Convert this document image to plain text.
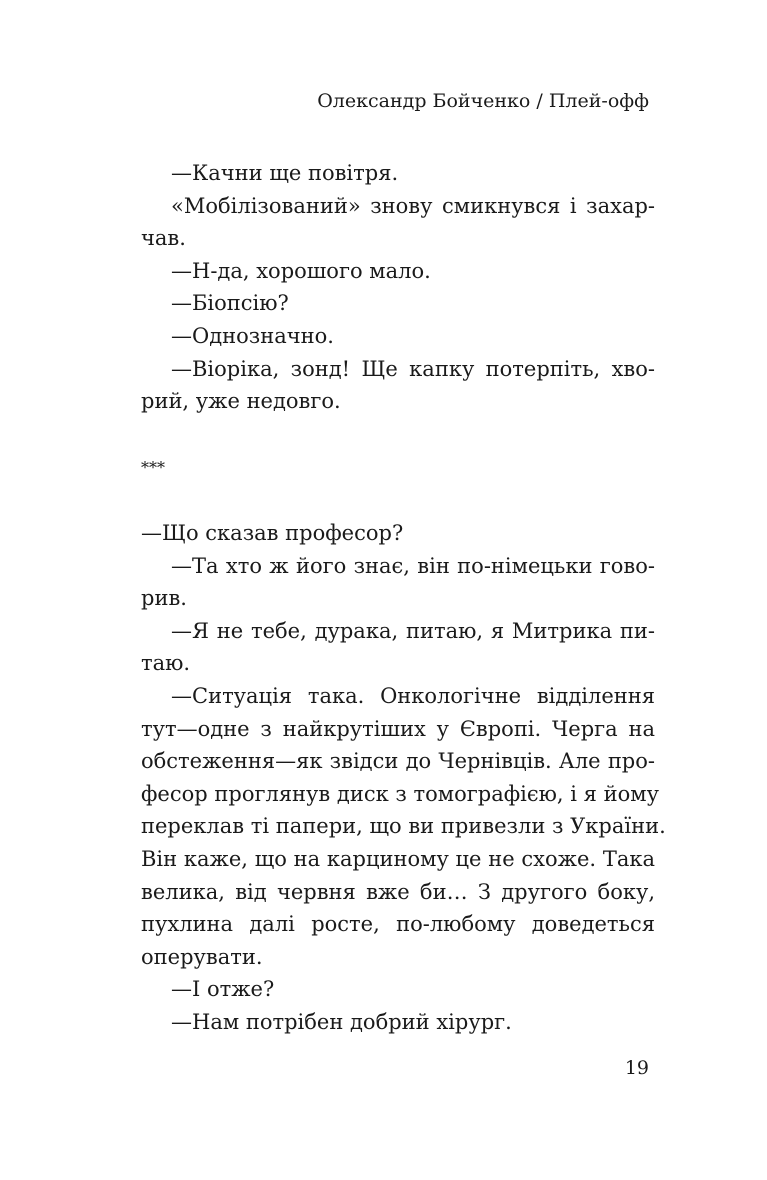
Олександр Бойченко / Плей-офф
—Качни ще повітря.
«Мобілізований» знову смикнувся і захар-
чав.
—Н-да, хорошого мало.
—Біопсію?
—Однозначно.
—Віоріка, зонд! Ще капку потерпіть, хво-
рий, уже недовго.
***
—Що сказав професор?
—Та хто ж його знає, він по-німецьки гово-
рив.
—Я не тебе, дурака, питаю, я Митрика пи-
таю.
—Ситуація така. Онкологічне відділення
тут—одне з найкрутіших у Європі. Черга на
обстеження—як звідси до Чернівців. Але про-
фесор проглянув диск з томографією, і я йому
переклав ті папери, що ви привезли з України.
Він каже, що на карциному це не схоже. Така
велика, від червня вже би… З другого боку,
пухлина далі росте, по-любому доведеться
оперувати.
—І отже?
—Нам потрібен добрий хірург.
19
